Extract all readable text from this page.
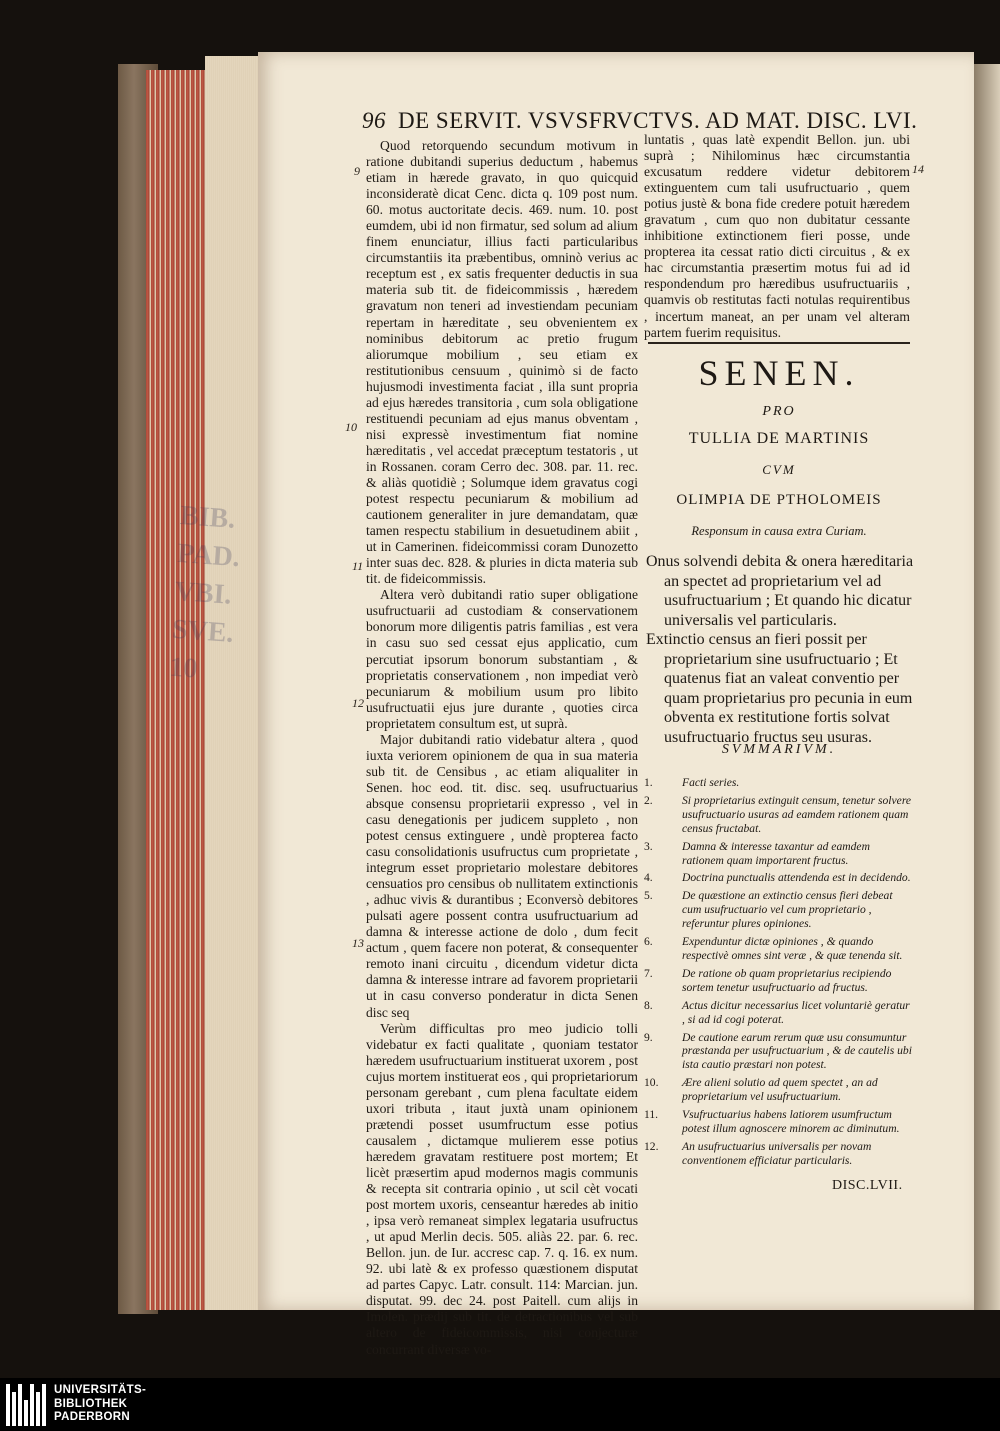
BIB. PAD. VBI. SVE. 10
96 DE SERVIT. VSVSFRVCTVS. AD MAT. DISC. LVI.

Quod retorquendo secundum motivum in ratione dubitandi superius deductum , habemus etiam in hærede gravato, in quo quicquid inconsideratè dicat Cenc. dicta q. 109 post num. 60. motus auctoritate decis. 469. num. 10. post eumdem, ubi id non firmatur, sed solum ad alium finem enunciatur, illius facti particularibus circumstantiis ita præbentibus, omninò verius ac receptum est , ex satis frequenter deductis in sua materia sub tit. de fideicommissis , hæredem gravatum non teneri ad investiendam pecuniam repertam in hæreditate , seu obvenientem ex nominibus debitorum ac pretio frugum aliorumque mobilium , seu etiam ex restitutionibus censuum , quinimò si de facto hujusmodi investimenta faciat , illa sunt propria ad ejus hæredes transitoria , cum sola obligatione restituendi pecuniam ad ejus manus obventam , nisi expressè investimentum fiat nomine hæreditatis , vel accedat præceptum testatoris , ut in Rossanen. coram Cerro dec. 308. par. 11. rec. & aliàs quotidiè ; Solumque idem gravatus cogi potest respectu pecuniarum & mobilium ad cautionem generaliter in jure demandatam, quæ tamen respectu stabilium in desuetudinem abiit , ut in Camerinen. fideicommissi coram Dunozetto inter suas dec. 828. & pluries in dicta materia sub tit. de fideicommissis.

Altera verò dubitandi ratio super obligatione usufructuarii ad custodiam & conservationem bonorum more diligentis patris familias , est vera in casu suo sed cessat ejus applicatio, cum percutiat ipsorum bonorum substantiam , & proprietatis conservationem , non impediat verò pecuniarum & mobilium usum pro libito usufructuatii ejus jure durante , quoties circa proprietatem consultum est, ut suprà.

Major dubitandi ratio videbatur altera , quod iuxta veriorem opinionem de qua in sua materia sub tit. de Censibus , ac etiam aliqualiter in Senen. hoc eod. tit. disc. seq. usufructuarius absque consensu proprietarii expresso , vel in casu denegationis per judicem suppleto , non potest census extinguere , undè propterea facto casu consolidationis usufructus cum proprietate , integrum esset proprietario molestare debitores censuatios pro censibus ob nullitatem extinctionis , adhuc vivis & durantibus ; Econversò debitores pulsati agere possent contra usufructuarium ad damna & interesse actione de dolo , dum fecit actum , quem facere non poterat, & consequenter remoto inani circuitu , dicendum videtur dicta damna & interesse intrare ad favorem proprietarii ut in casu converso ponderatur in dicta Senen disc seq

Verùm difficultas pro meo judicio tolli videbatur ex facti qualitate , quoniam testator hæredem usufructuarium instituerat uxorem , post cujus mortem instituerat eos , qui proprietariorum personam gerebant , cum plena facultate eidem uxori tributa , itaut juxtà unam opinionem prætendi posset usumfructum esse potius causalem , dictamque mulierem esse potius hæredem gravatam restituere post mortem; Et licèt præsertim apud modernos magis communis & recepta sit contraria opinio , ut scil cèt vocati post mortem uxoris, censeantur hæredes ab initio , ipsa verò remaneat simplex legataria usufructus , ut apud Merlin decis. 505. aliàs 22. par. 6. rec. Bellon. jun. de Iur. accresc cap. 7. q. 16. ex num. 92. ubi latè & ex professo quæstionem disputat ad partes Capyc. Latr. consult. 114: Marcian. jun. disputat. 99. dec 24. post Paitell. cum alijs in Imolen. prædij sub tit. de detractionibus vel sub altero de fideicommissis, nisi conjecturæ concurrant diversæ vo-

9
10
11
12
13

luntatis , quas latè expendit Bellon. jun. ubi suprà ; Nihilominus hæc circumstantia excusatum reddere videtur debitorem extinguentem cum tali usufructuario , quem potius justè & bona fide credere potuit hæredem gravatum , cum quo non dubitatur cessante inhibitione extinctionem fieri posse, unde propterea ita cessat ratio dicti circuitus , & ex hac circumstantia præsertim motus fui ad id respondendum pro hæredibus usufructuariis , quamvis ob restitutas facti notulas requirentibus , incertum maneat, an per unam vel alteram partem fuerim requisitus.

14
SENEN.
PRO
TULLIA DE MARTINIS
CVM
OLIMPIA DE PTHOLOMEIS
Responsum in causa extra Curiam.

Onus solvendi debita & onera hæreditaria an spectet ad proprietarium vel ad usufructuarium ; Et quando hic dicatur universalis vel particularis.

Extinctio census an fieri possit per proprietarium sine usufructuario ; Et quatenus fiat an valeat conventio per quam proprietarius pro pecunia in eum obventa ex restitutione fortis solvat usufructuario fructus seu usuras.

SVMMARIVM.
1.	Facti series.
2.	Si proprietarius extinguit censum, tenetur solvere usufructuario usuras ad eamdem rationem quam census fructabat.
3.	Damna & interesse taxantur ad eamdem rationem quam importarent fructus.
4.	Doctrina punctualis attendenda est in decidendo.
5.	De quæstione an extinctio census fieri debeat cum usufructuario vel cum proprietario , referuntur plures opiniones.
6.	Expenduntur dictæ opiniones , & quando respectivè omnes sint veræ , & quæ tenenda sit.
7.	De ratione ob quam proprietarius recipiendo sortem tenetur usufructuario ad fructus.
8.	Actus dicitur necessarius licet voluntariè geratur , si ad id cogi poterat.
9.	De cautione earum rerum quæ usu consumuntur præstanda per usufructuarium , & de cautelis ubi ista cautio præstari non potest.
10. Ære alieni solutio ad quem spectet , an ad proprietarium vel usufructuarium.
11. Vsufructuarius habens latiorem usumfructum potest illum agnoscere minorem ac diminutum.
12. An usufructuarius universalis per novam conventionem efficiatur particularis.
DISC.LVII.
UNIVERSITÄTS-
BIBLIOTHEK
PADERBORN
